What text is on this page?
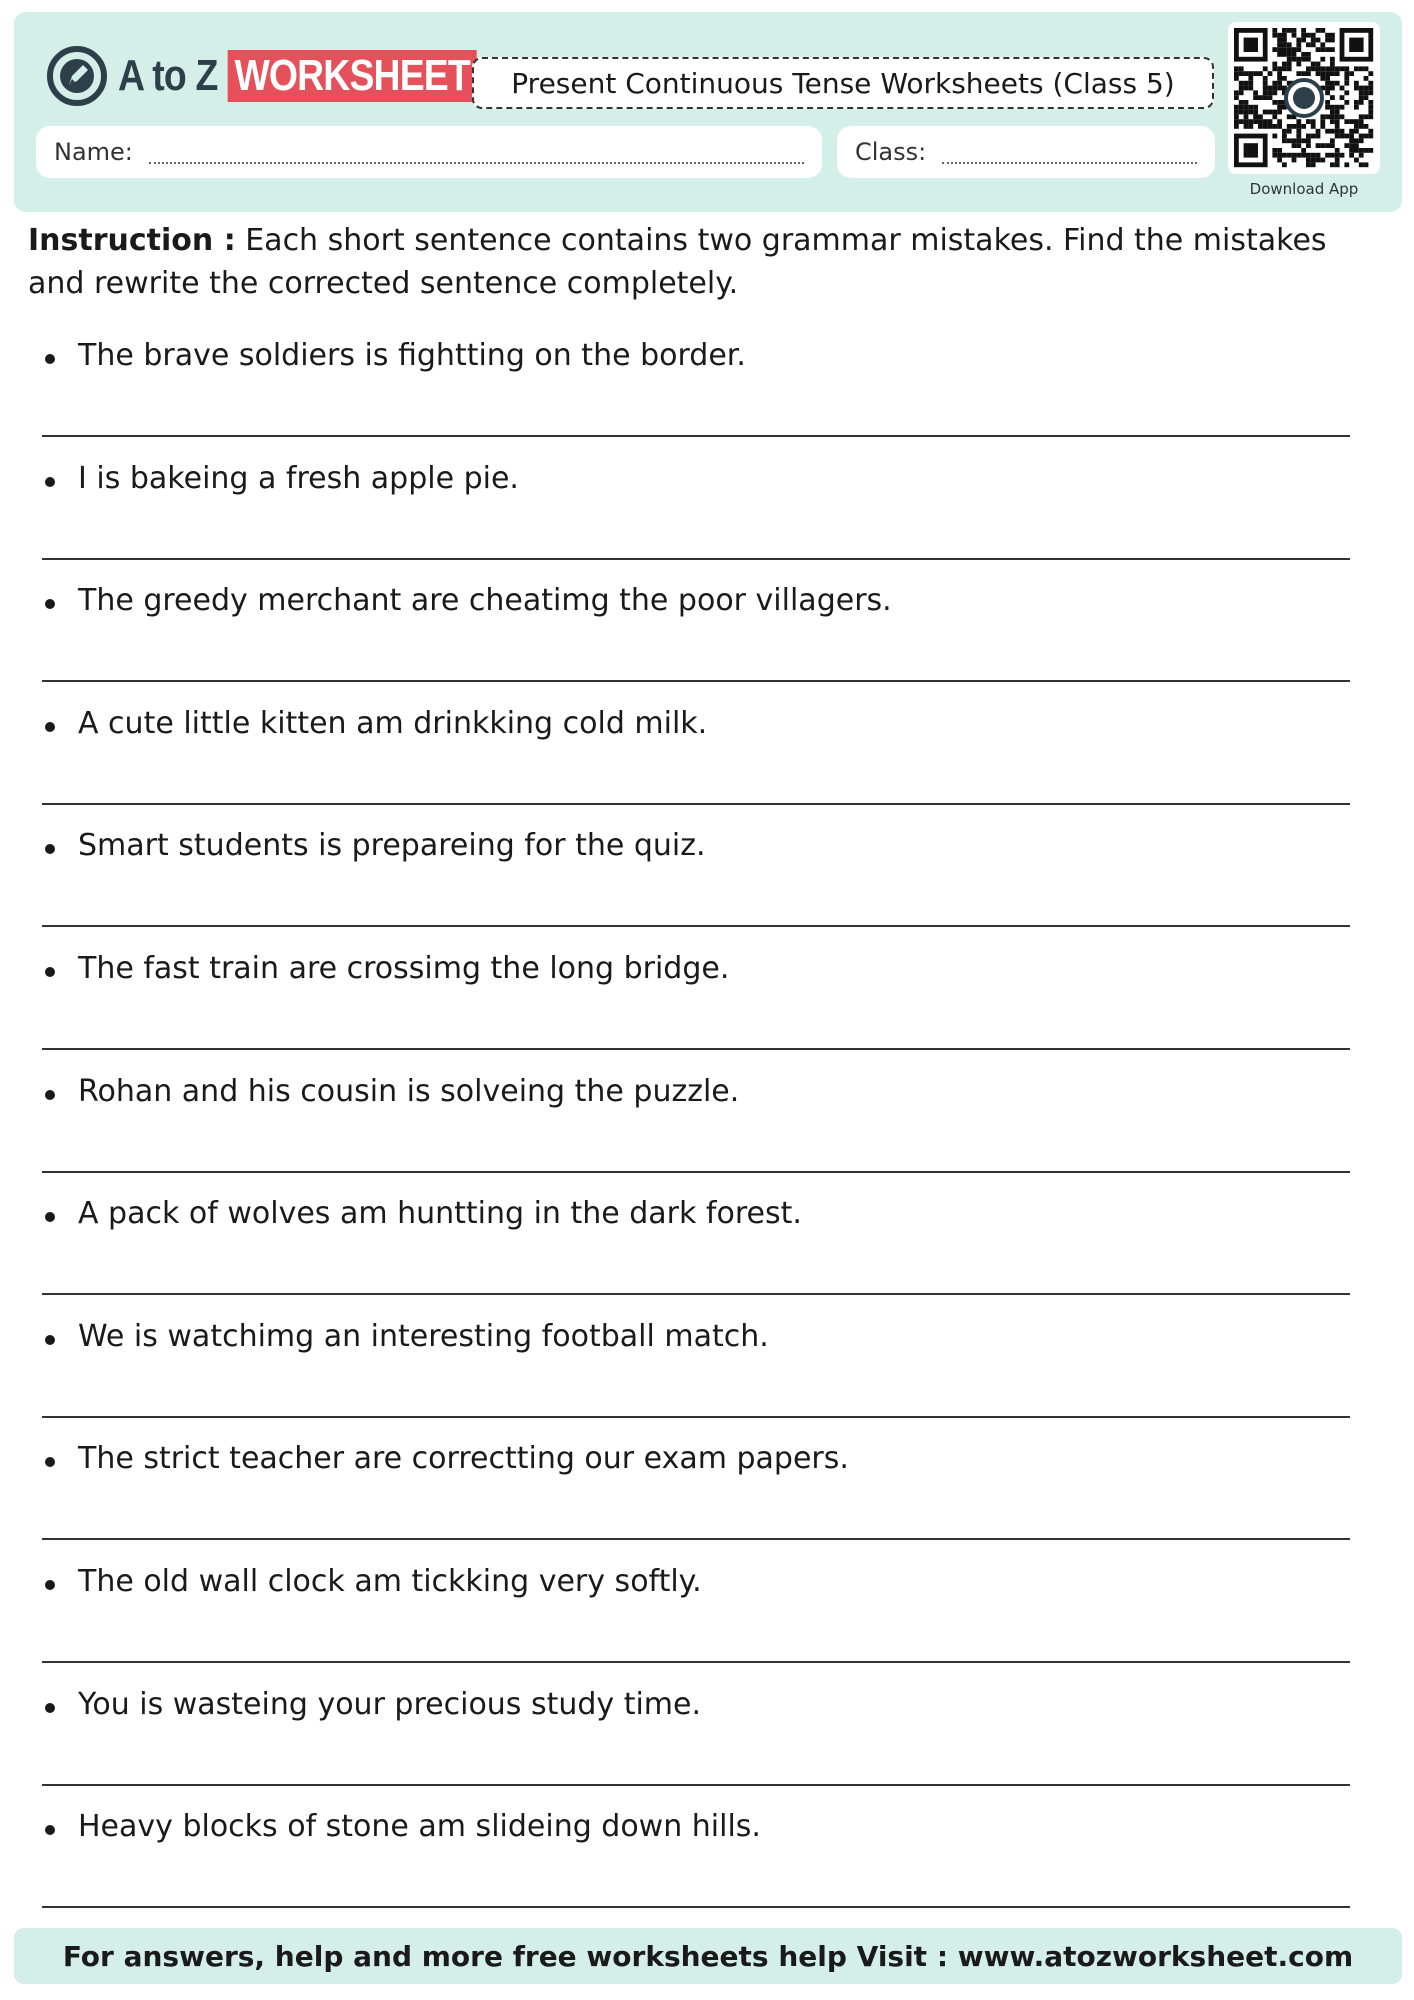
A to Z WORKSHEET	Present Continuous Tense Worksheets (Class 5)
Name:	Class:
Download App
Instruction : Each short sentence contains two grammar mistakes. Find the mistakes and rewrite the corrected sentence completely.
The brave soldiers is fightting on the border.
I is bakeing a fresh apple pie.
The greedy merchant are cheatimg the poor villagers.
A cute little kitten am drinkking cold milk.
Smart students is prepareing for the quiz.
The fast train are crossimg the long bridge.
Rohan and his cousin is solveing the puzzle.
A pack of wolves am huntting in the dark forest.
We is watchimg an interesting football match.
The strict teacher are correctting our exam papers.
The old wall clock am tickking very softly.
You is wasteing your precious study time.
Heavy blocks of stone am slideing down hills.
For answers, help and more free worksheets help Visit : www.atozworksheet.com
